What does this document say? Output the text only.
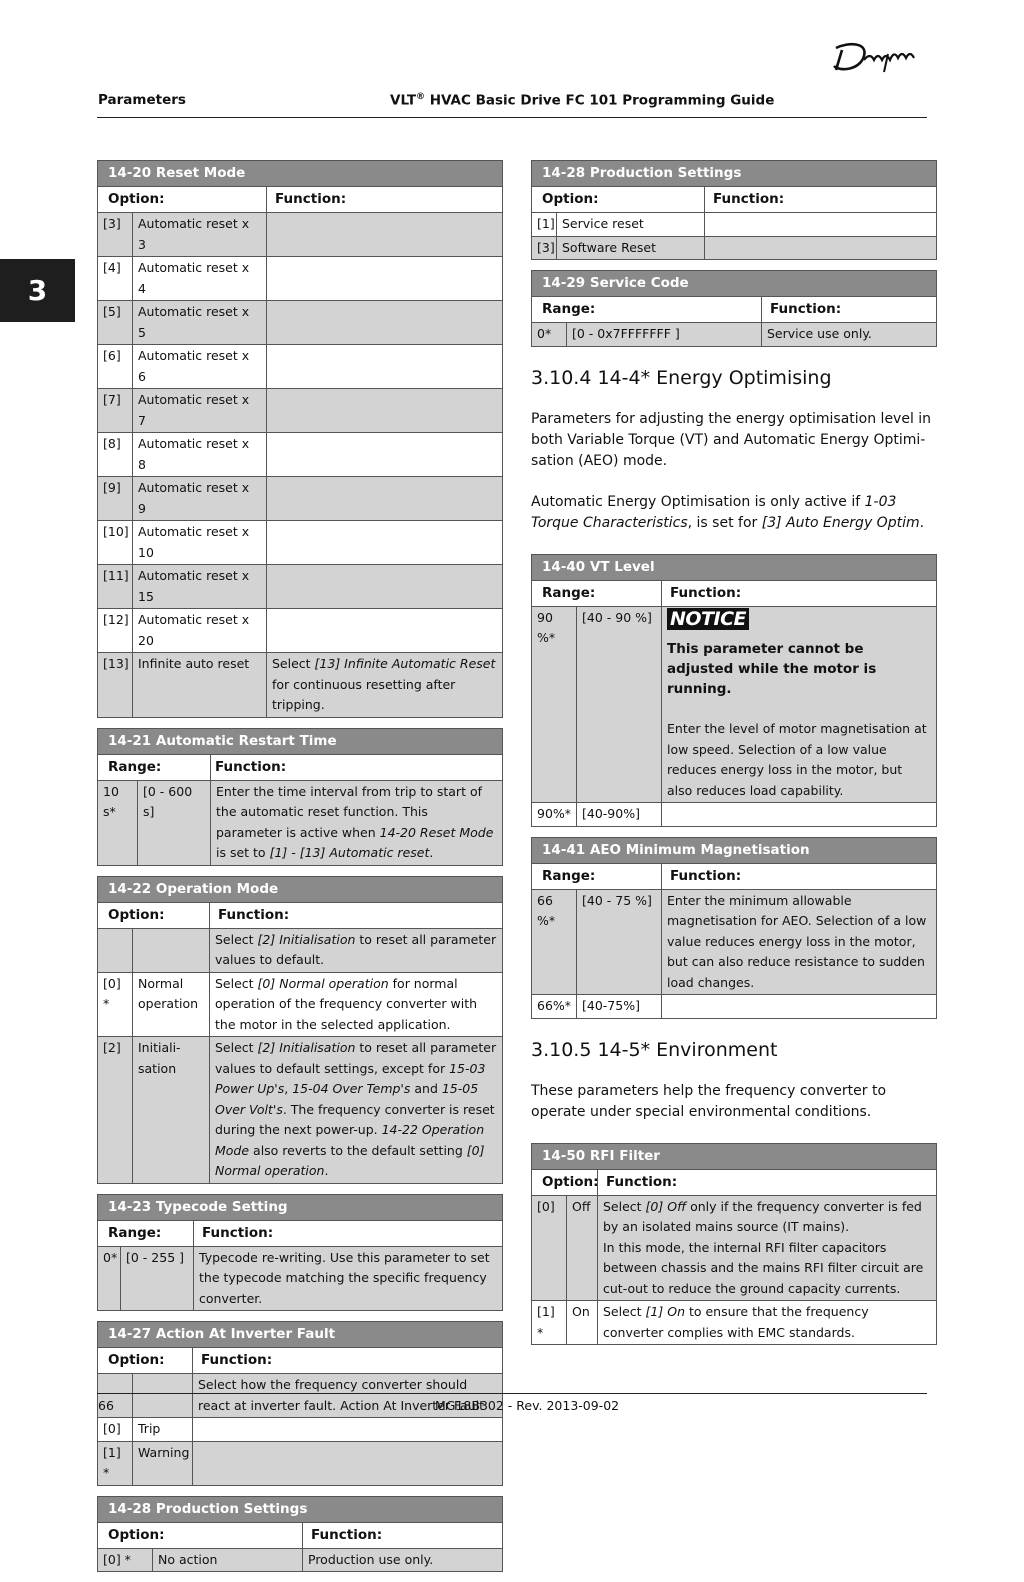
Parameters	VLT® HVAC Basic Drive FC 101 Programming Guide
3
14-20 Reset Mode		
Option:		Function:
[3]	Automatic reset x 3	
[4]	Automatic reset x 4	
[5]	Automatic reset x 5	
[6]	Automatic reset x 6	
[7]	Automatic reset x 7	
[8]	Automatic reset x 8	
[9]	Automatic reset x 9	
[10]	Automatic reset x 10	
[11]	Automatic reset x 15	
[12]	Automatic reset x 20	
[13]	Infinite auto reset	Select [13] Infinite Automatic Reset for continuous resetting after tripping.
14-21 Automatic Restart Time		
Range:		Function:
10 s*	[0 - 600 s]	Enter the time interval from trip to start of the automatic reset function. This parameter is active when 14-20 Reset Mode is set to [1] - [13] Automatic reset.
14-22 Operation Mode		
Option:		Function:
		Select [2] Initialisation to reset all parameter values to default.
[0] *	Normal operation	Select [0] Normal operation for normal operation of the frequency converter with the motor in the selected application.
[2]	Initiali-sation	Select [2] Initialisation to reset all parameter values to default settings, except for 15-03 Power Up's, 15-04 Over Temp's and 15-05 Over Volt's. The frequency converter is reset during the next power-up. 14-22 Operation Mode also reverts to the default setting [0] Normal operation.
14-23 Typecode Setting		
Range:		Function:
0*	[0 - 255 ]	Typecode re-writing. Use this parameter to set the typecode matching the specific frequency converter.
14-27 Action At Inverter Fault		
Option:		Function:
		Select how the frequency converter should react at inverter fault. Action At Inverter Fault
[0]	Trip	
[1] *	Warning	
14-28 Production Settings		
Option:		Function:
[0] *	No action	Production use only.
14-28 Production Settings		
Option:		Function:
[1]	Service reset	
[3]	Software Reset	
14-29 Service Code		
Range:		Function:
0*	[0 - 0x7FFFFFFF ]	Service use only.
3.10.4 14-4* Energy Optimising

Parameters for adjusting the energy optimisation level in both Variable Torque (VT) and Automatic Energy Optimi-sation (AEO) mode.

Automatic Energy Optimisation is only active if 1-03 Torque Characteristics, is set for [3] Auto Energy Optim.

14-40 VT Level		
Range:		Function:
90 %*	[40 - 90 %]	NOTICE
This parameter cannot be adjusted while the motor is running.
Enter the level of motor magnetisation at low speed. Selection of a low value reduces energy loss in the motor, but also reduces load capability.

90%*	[40-90%]	
14-41 AEO Minimum Magnetisation		
Range:		Function:
66 %*	[40 - 75 %]	Enter the minimum allowable magnetisation for AEO. Selection of a low value reduces energy loss in the motor, but can also reduce resistance to sudden load changes.
66%*	[40-75%]	
3.10.5 14-5* Environment

These parameters help the frequency converter to operate under special environmental conditions.

14-50 RFI Filter		
Option:		Function:
[0]	Off	Select [0] Off only if the frequency converter is fed by an isolated mains source (IT mains).
In this mode, the internal RFI filter capacitors between chassis and the mains RFI filter circuit are cut-out to reduce the ground capacity currents.
[1] *	On	Select [1] On to ensure that the frequency converter complies with EMC standards.
66	MG18B302 - Rev. 2013-09-02
